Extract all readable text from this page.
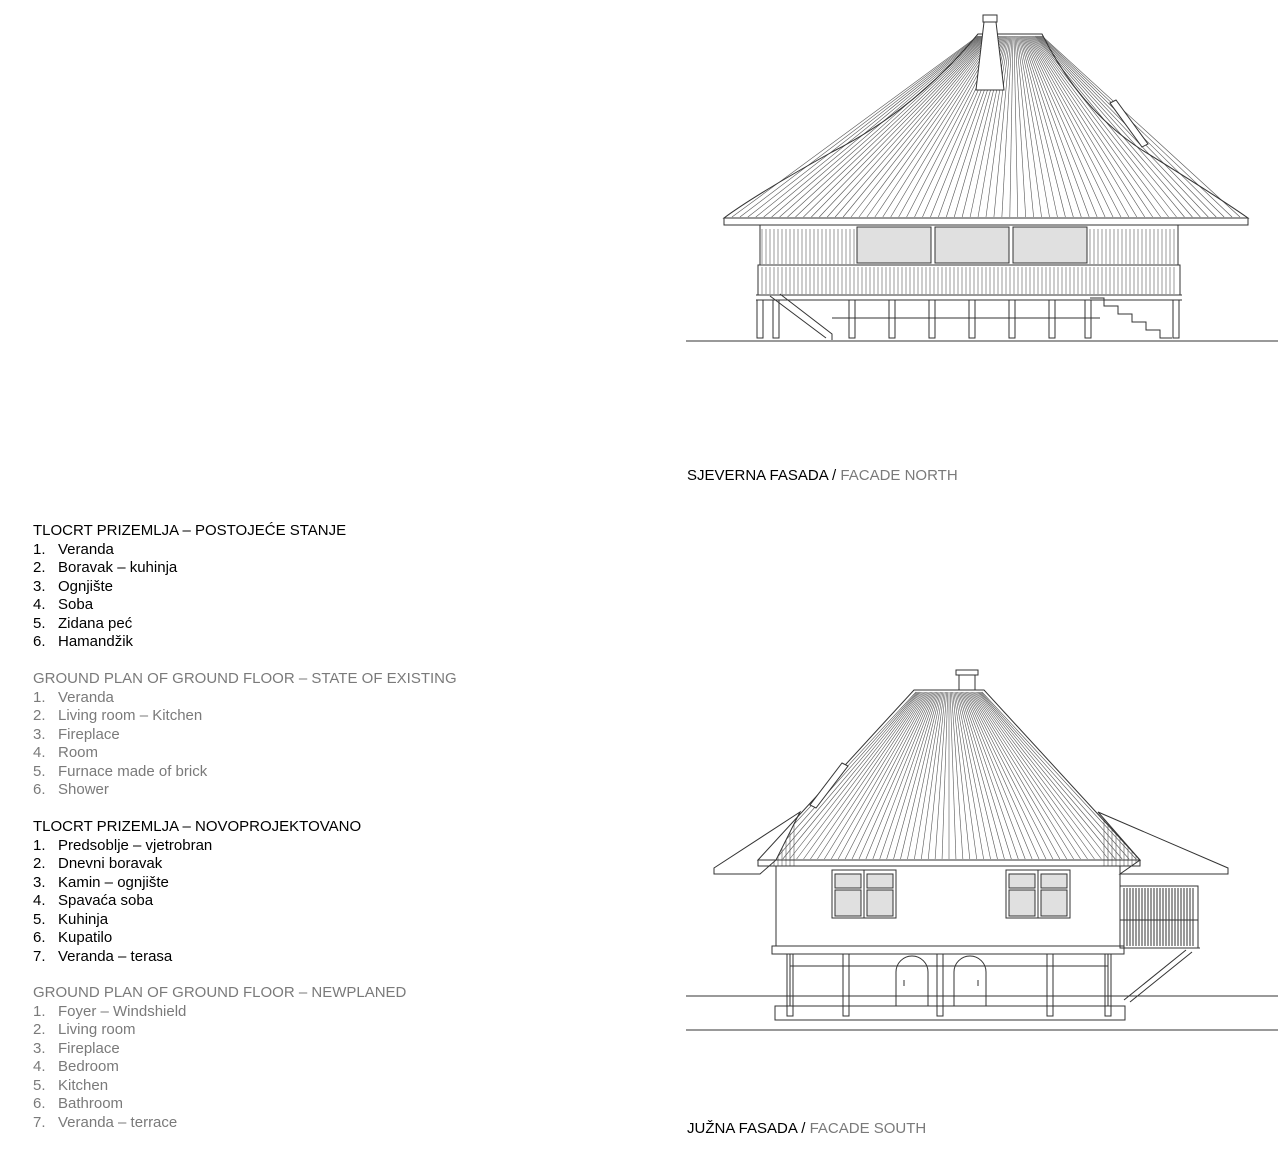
TLOCRT PRIZEMLJA – POSTOJEĆE STANJE

1. Veranda
2. Boravak – kuhinja
3. Ognjište
4. Soba
5. Zidana peć
6. Hamandžik

GROUND PLAN OF GROUND FLOOR – STATE OF EXISTING

1. Veranda
2. Living room – Kitchen
3. Fireplace
4. Room
5. Furnace made of brick
6. Shower

TLOCRT PRIZEMLJA – NOVOPROJEKTOVANO

1. Predsoblje – vjetrobran
2. Dnevni boravak
3. Kamin – ognjište
4. Spavaća soba
5. Kuhinja
6. Kupatilo
7. Veranda – terasa

GROUND PLAN OF GROUND FLOOR – NEWPLANED

1. Foyer – Windshield
2. Living room
3. Fireplace
4. Bedroom
5. Kitchen
6. Bathroom
7. Veranda – terrace
SJEVERNA FASADA / FACADE NORTH
JUŽNA FASADA / FACADE SOUTH
